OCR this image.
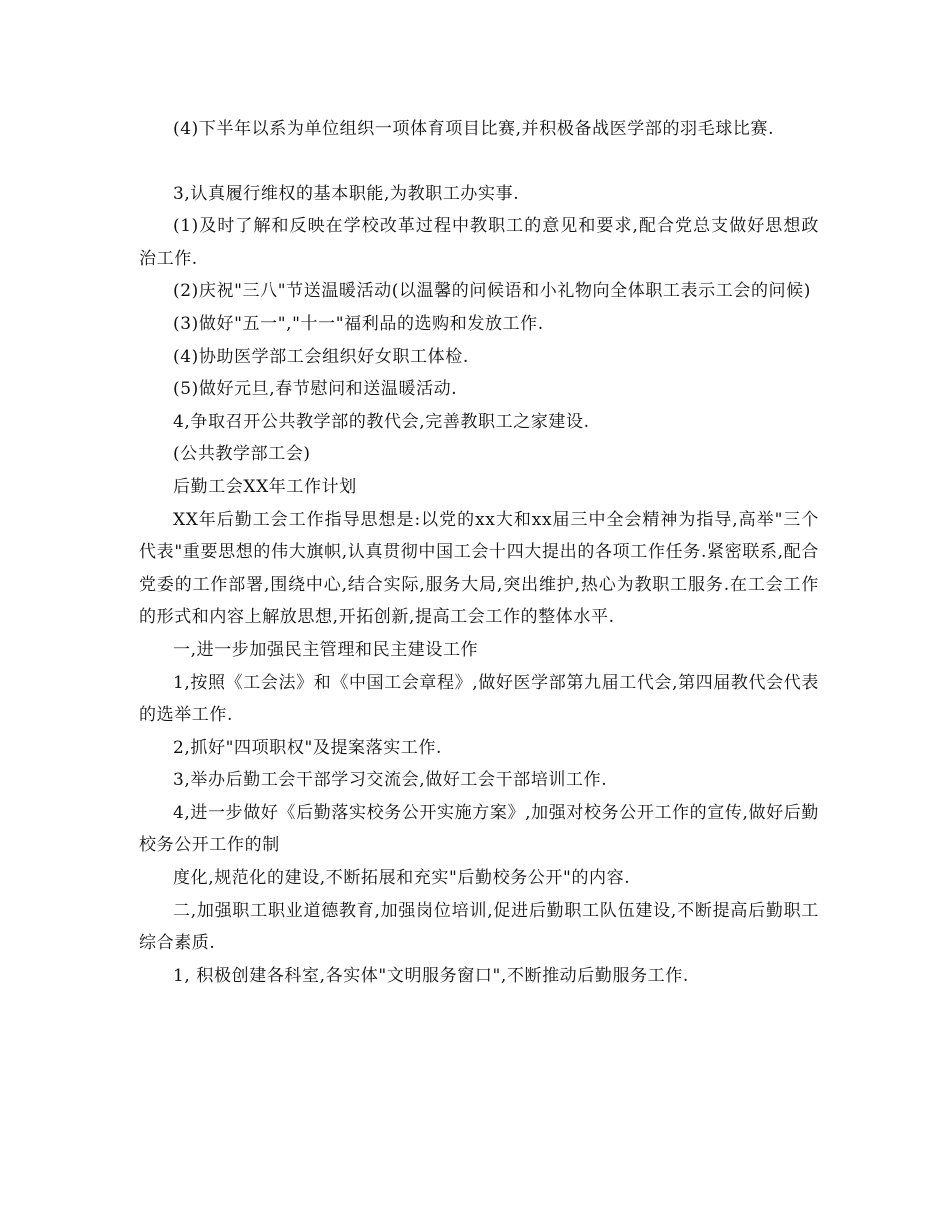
(4)下半年以系为单位组织一项体育项目比赛,并积极备战医学部的羽毛球比赛.

3,认真履行维权的基本职能,为教职工办实事.

(1)及时了解和反映在学校改革过程中教职工的意见和要求,配合党总支做好思想政治工作.

(2)庆祝"三八"节送温暖活动(以温馨的问候语和小礼物向全体职工表示工会的问候)

(3)做好"五一","十一"福利品的选购和发放工作.

(4)协助医学部工会组织好女职工体检.

(5)做好元旦,春节慰问和送温暖活动.

4,争取召开公共教学部的教代会,完善教职工之家建设.

(公共教学部工会)

后勤工会XX年工作计划

XX年后勤工会工作指导思想是:以党的xx大和xx届三中全会精神为指导,高举"三个代表"重要思想的伟大旗帜,认真贯彻中国工会十四大提出的各项工作任务.紧密联系,配合党委的工作部署,围绕中心,结合实际,服务大局,突出维护,热心为教职工服务.在工会工作的形式和内容上解放思想,开拓创新,提高工会工作的整体水平.

一,进一步加强民主管理和民主建设工作

1,按照《工会法》和《中国工会章程》,做好医学部第九届工代会,第四届教代会代表的选举工作.

2,抓好"四项职权"及提案落实工作.

3,举办后勤工会干部学习交流会,做好工会干部培训工作.

4,进一步做好《后勤落实校务公开实施方案》,加强对校务公开工作的宣传,做好后勤校务公开工作的制

度化,规范化的建设,不断拓展和充实"后勤校务公开"的内容.

二,加强职工职业道德教育,加强岗位培训,促进后勤职工队伍建设,不断提高后勤职工综合素质.

1, 积极创建各科室,各实体"文明服务窗口",不断推动后勤服务工作.
